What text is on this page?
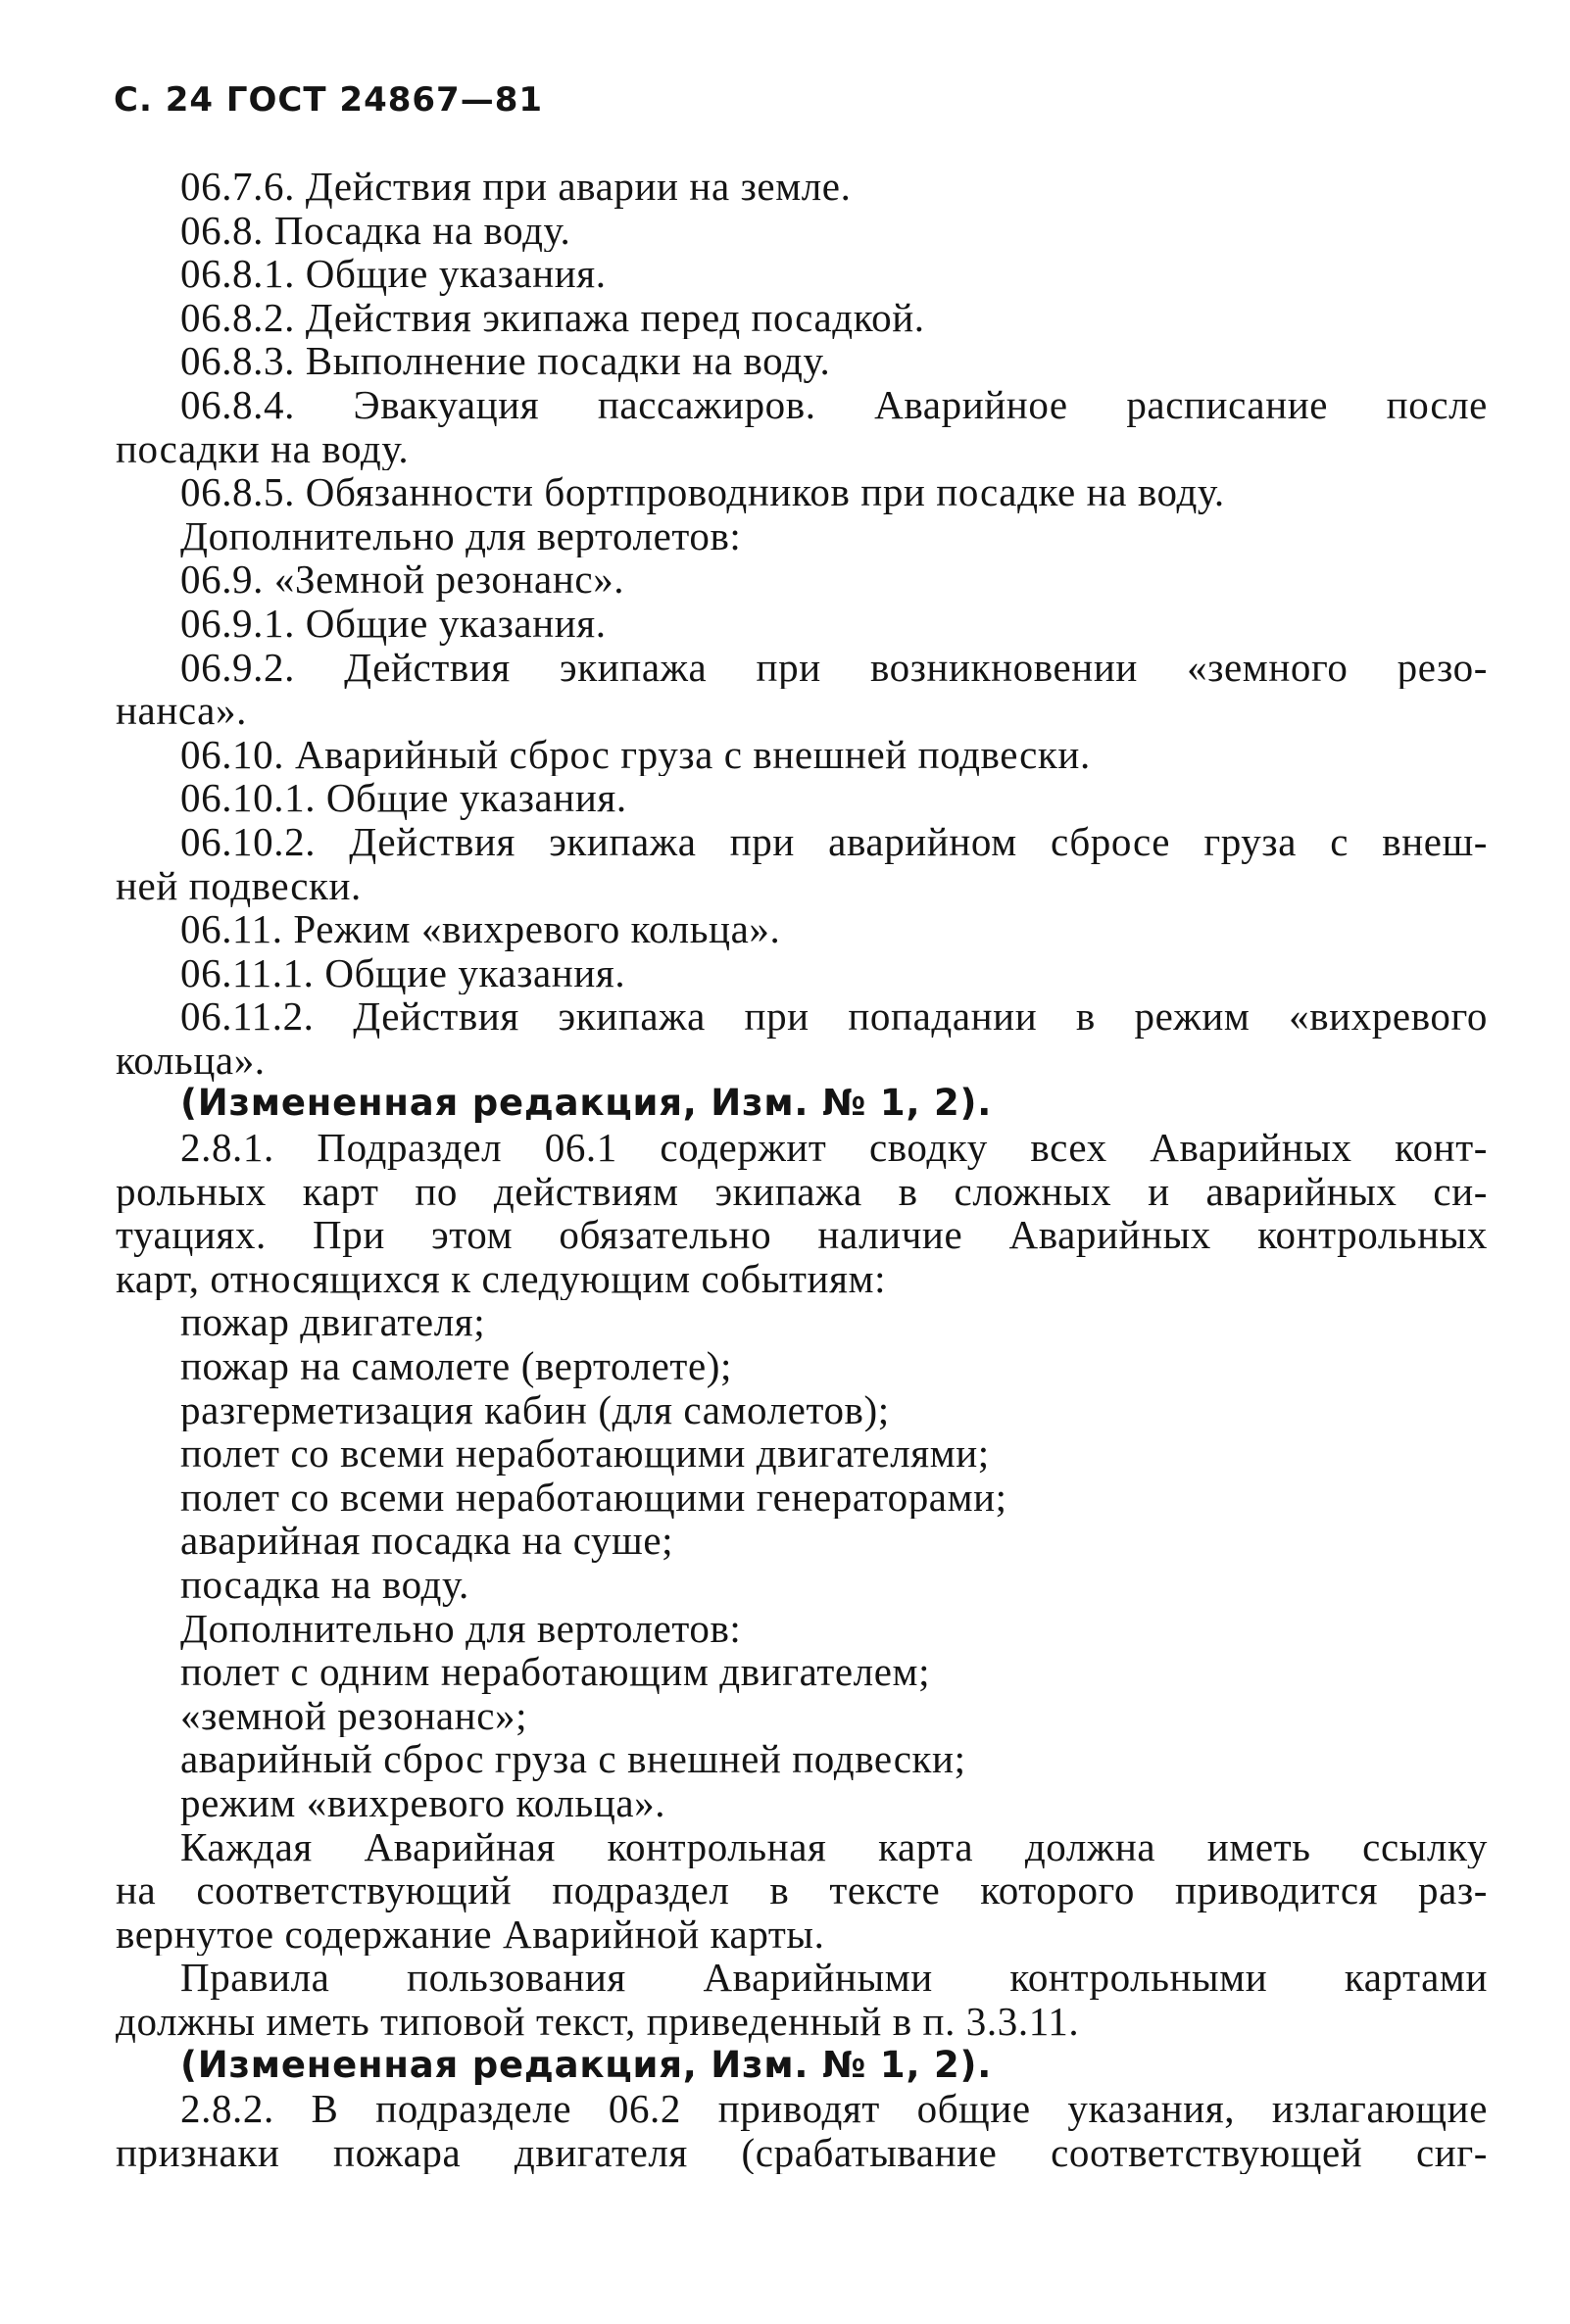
С. 24 ГОСТ 24867—81
06.7.6. Действия при аварии на земле.
06.8. Посадка на воду.
06.8.1. Общие указания.
06.8.2. Действия экипажа перед посадкой.
06.8.3. Выполнение посадки на воду.
06.8.4. Эвакуация пассажиров. Аварийное расписание после
посадки на воду.
06.8.5. Обязанности бортпроводников при посадке на воду.
Дополнительно для вертолетов:
06.9. «Земной резонанс».
06.9.1. Общие указания.
06.9.2. Действия экипажа при возникновении «земного резо-
нанса».
06.10. Аварийный сброс груза с внешней подвески.
06.10.1. Общие указания.
06.10.2. Действия экипажа при аварийном сбросе груза с внеш-
ней подвески.
06.11. Режим «вихревого кольца».
06.11.1. Общие указания.
06.11.2. Действия экипажа при попадании в режим «вихревого
кольца».
(Измененная редакция, Изм. № 1, 2).
2.8.1. Подраздел 06.1 содержит сводку всех Аварийных конт-
рольных карт по действиям экипажа в сложных и аварийных си-
туациях. При этом обязательно наличие Аварийных контрольных
карт, относящихся к следующим событиям:
пожар двигателя;
пожар на самолете (вертолете);
разгерметизация кабин (для самолетов);
полет со всеми неработающими двигателями;
полет со всеми неработающими генераторами;
аварийная посадка на суше;
посадка на воду.
Дополнительно для вертолетов:
полет с одним неработающим двигателем;
«земной резонанс»;
аварийный сброс груза с внешней подвески;
режим «вихревого кольца».
Каждая Аварийная контрольная карта должна иметь ссылку
на соответствующий подраздел в тексте которого приводится раз-
вернутое содержание Аварийной карты.
Правила пользования Аварийными контрольными картами
должны иметь типовой текст, приведенный в п. 3.3.11.
(Измененная редакция, Изм. № 1, 2).
2.8.2. В подразделе 06.2 приводят общие указания, излагающие
признаки пожара двигателя (срабатывание соответствующей сиг-
